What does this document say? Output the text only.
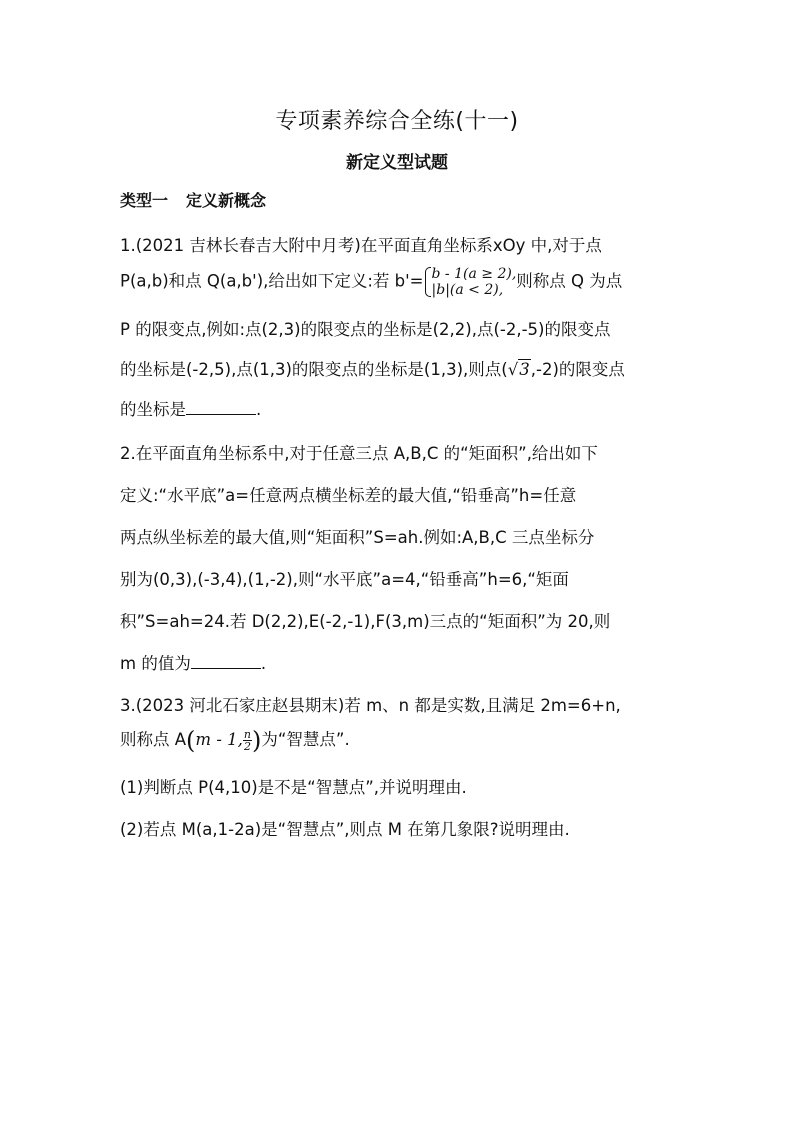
专项素养综合全练(十一)
新定义型试题
类型一 定义新概念
1.(2021 吉林长春吉大附中月考)在平面直角坐标系xOy 中,对于点
P(a,b)和点 Q(a,b'),给出如下定义:若 b'= b - 1(a ≥ 2),
|b|(a < 2), 则称点 Q 为点
P 的限变点,例如:点(2,3)的限变点的坐标是(2,2),点(-2,-5)的限变点
的坐标是(-2,5),点(1,3)的限变点的坐标是(1,3),则点(√3,-2)的限变点
的坐标是	.
2.在平面直角坐标系中,对于任意三点 A,B,C 的“矩面积”,给出如下
定义:“水平底”a=任意两点横坐标差的最大值,“铅垂高”h=任意
两点纵坐标差的最大值,则“矩面积”S=ah.例如:A,B,C 三点坐标分
别为(0,3),(-3,4),(1,-2),则“水平底”a=4,“铅垂高”h=6,“矩面
积”S=ah=24.若 D(2,2),E(-2,-1),F(3,m)三点的“矩面积”为 20,则
m 的值为	.
3.(2023 河北石家庄赵县期末)若 m、n 都是实数,且满足 2m=6+n,
则称点 A(m - 1, $\frac{n}{2}$ )为“智慧点”.
(1)判断点 P(4,10)是不是“智慧点”,并说明理由.
(2)若点 M(a,1-2a)是“智慧点”,则点 M 在第几象限?说明理由.
